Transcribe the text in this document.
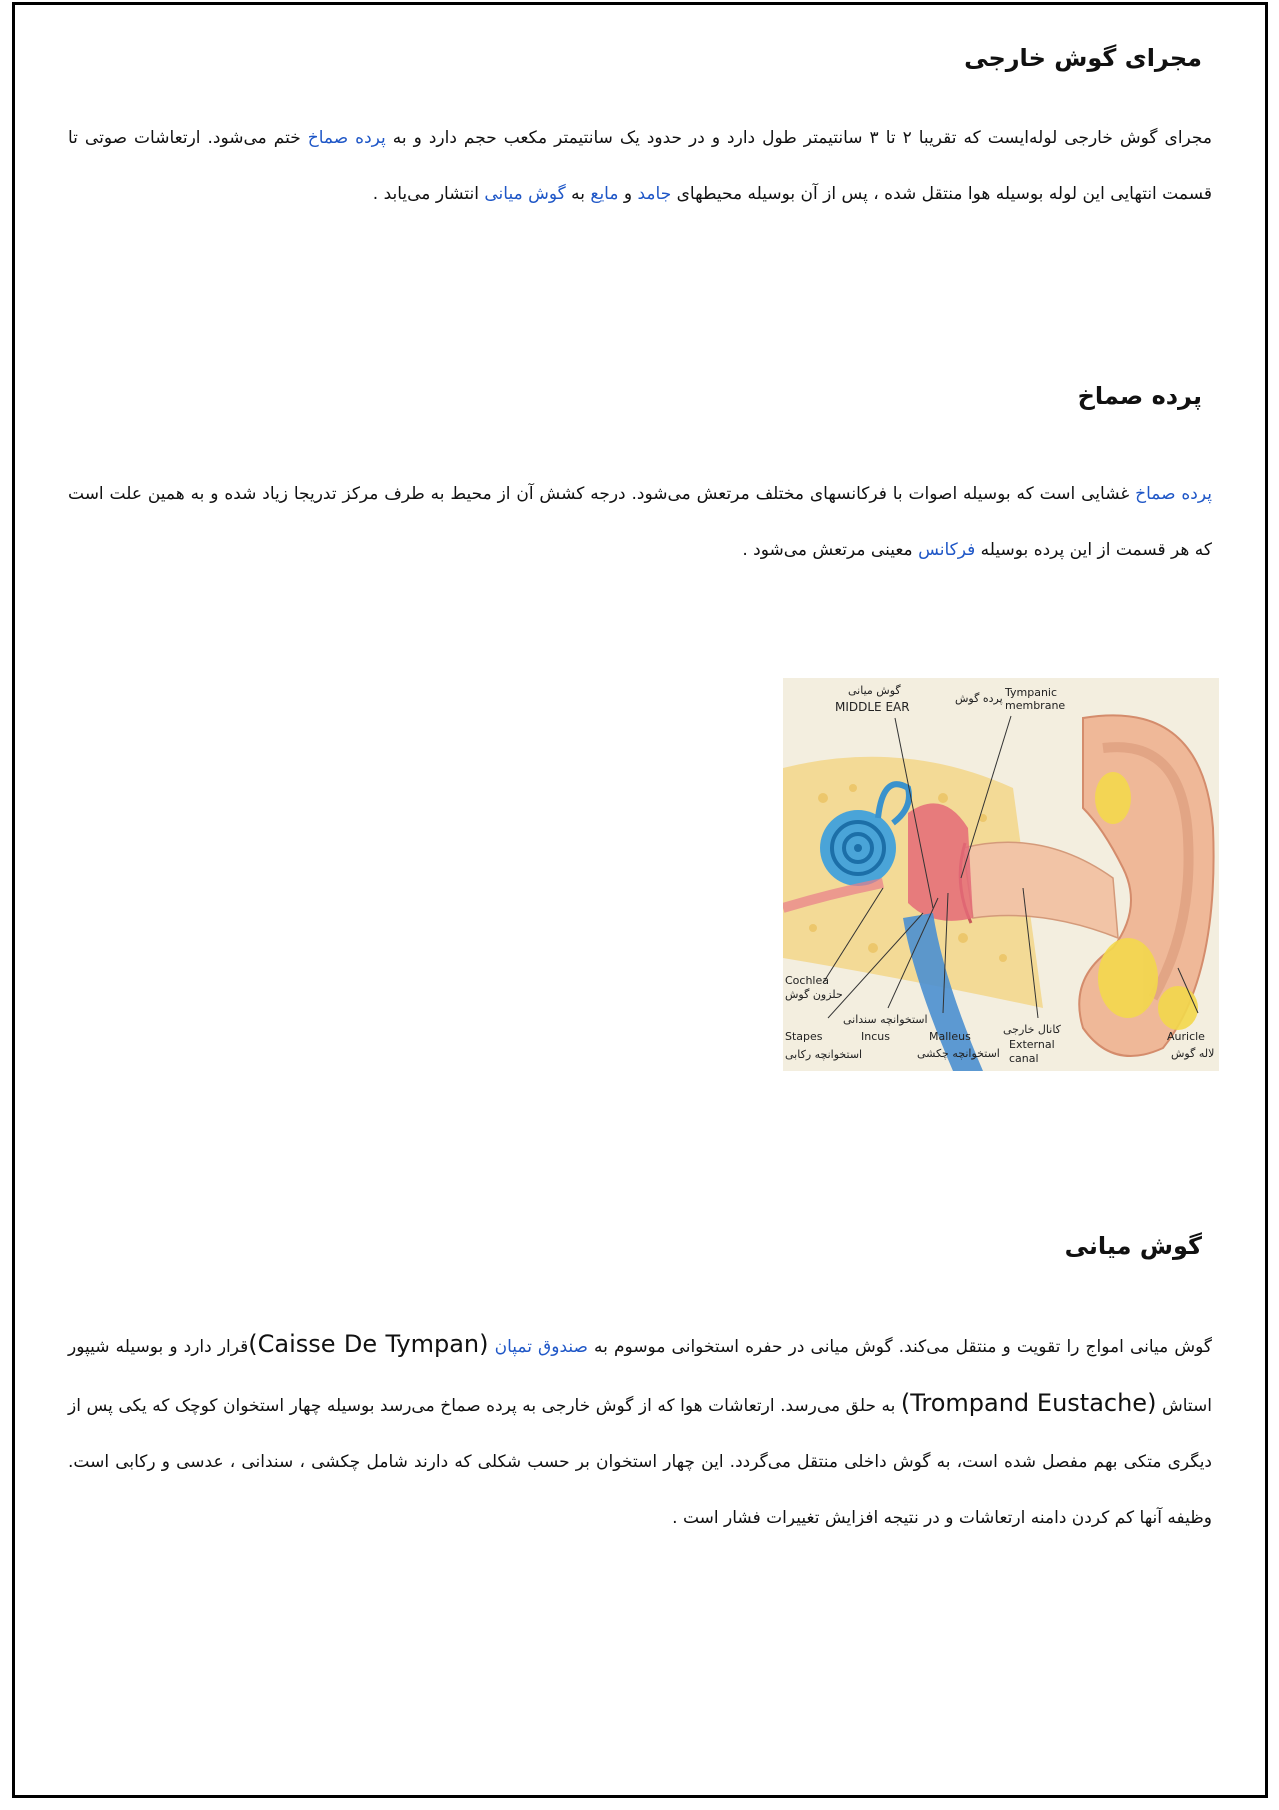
مجرای گوش خارجی

مجرای گوش خارجی لوله‌ایست که تقریبا ۲ تا ۳ سانتیمتر طول دارد و در حدود یک سانتیمتر مکعب حجم دارد و به پرده صماخ ختم می‌شود. ارتعاشات صوتی تا قسمت انتهایی این لوله بوسیله هوا منتقل شده ، پس از آن بوسیله محیطهای جامد و مایع به گوش میانی انتشار می‌یابد .

پرده صماخ

پرده صماخ غشایی است که بوسیله اصوات با فرکانسهای مختلف مرتعش می‌شود. درجه کشش آن از محیط به طرف مرکز تدریجا زیاد شده و به همین علت است که هر قسمت از این پرده بوسیله فرکانس معینی مرتعش می‌شود .

گوش میانی
MIDDLE EAR
پرده گوش Tympanic
membrane
Cochlea
حلزون گوش
Stapes
استخوانچه رکابی
استخوانچه سندانی
Incus	Malleus
استخوانچه چکشی
کانال خارجی
External
canal
Auricle
لاله گوش
گوش میانی

گوش میانی امواج را تقویت و منتقل می‌کند. گوش میانی در حفره استخوانی موسوم به صندوق تمپان (Caisse De Tympan)قرار دارد و بوسیله شیپور استاش (Trompand Eustache) به حلق می‌رسد. ارتعاشات هوا که از گوش خارجی به پرده صماخ می‌رسد بوسیله چهار استخوان کوچک که یکی پس از دیگری متکی بهم مفصل شده است، به گوش داخلی منتقل می‌گردد. این چهار استخوان بر حسب شکلی که دارند شامل چکشی ، سندانی ، عدسی و رکابی است. وظیفه آنها کم کردن دامنه ارتعاشات و در نتیجه افزایش تغییرات فشار است .
